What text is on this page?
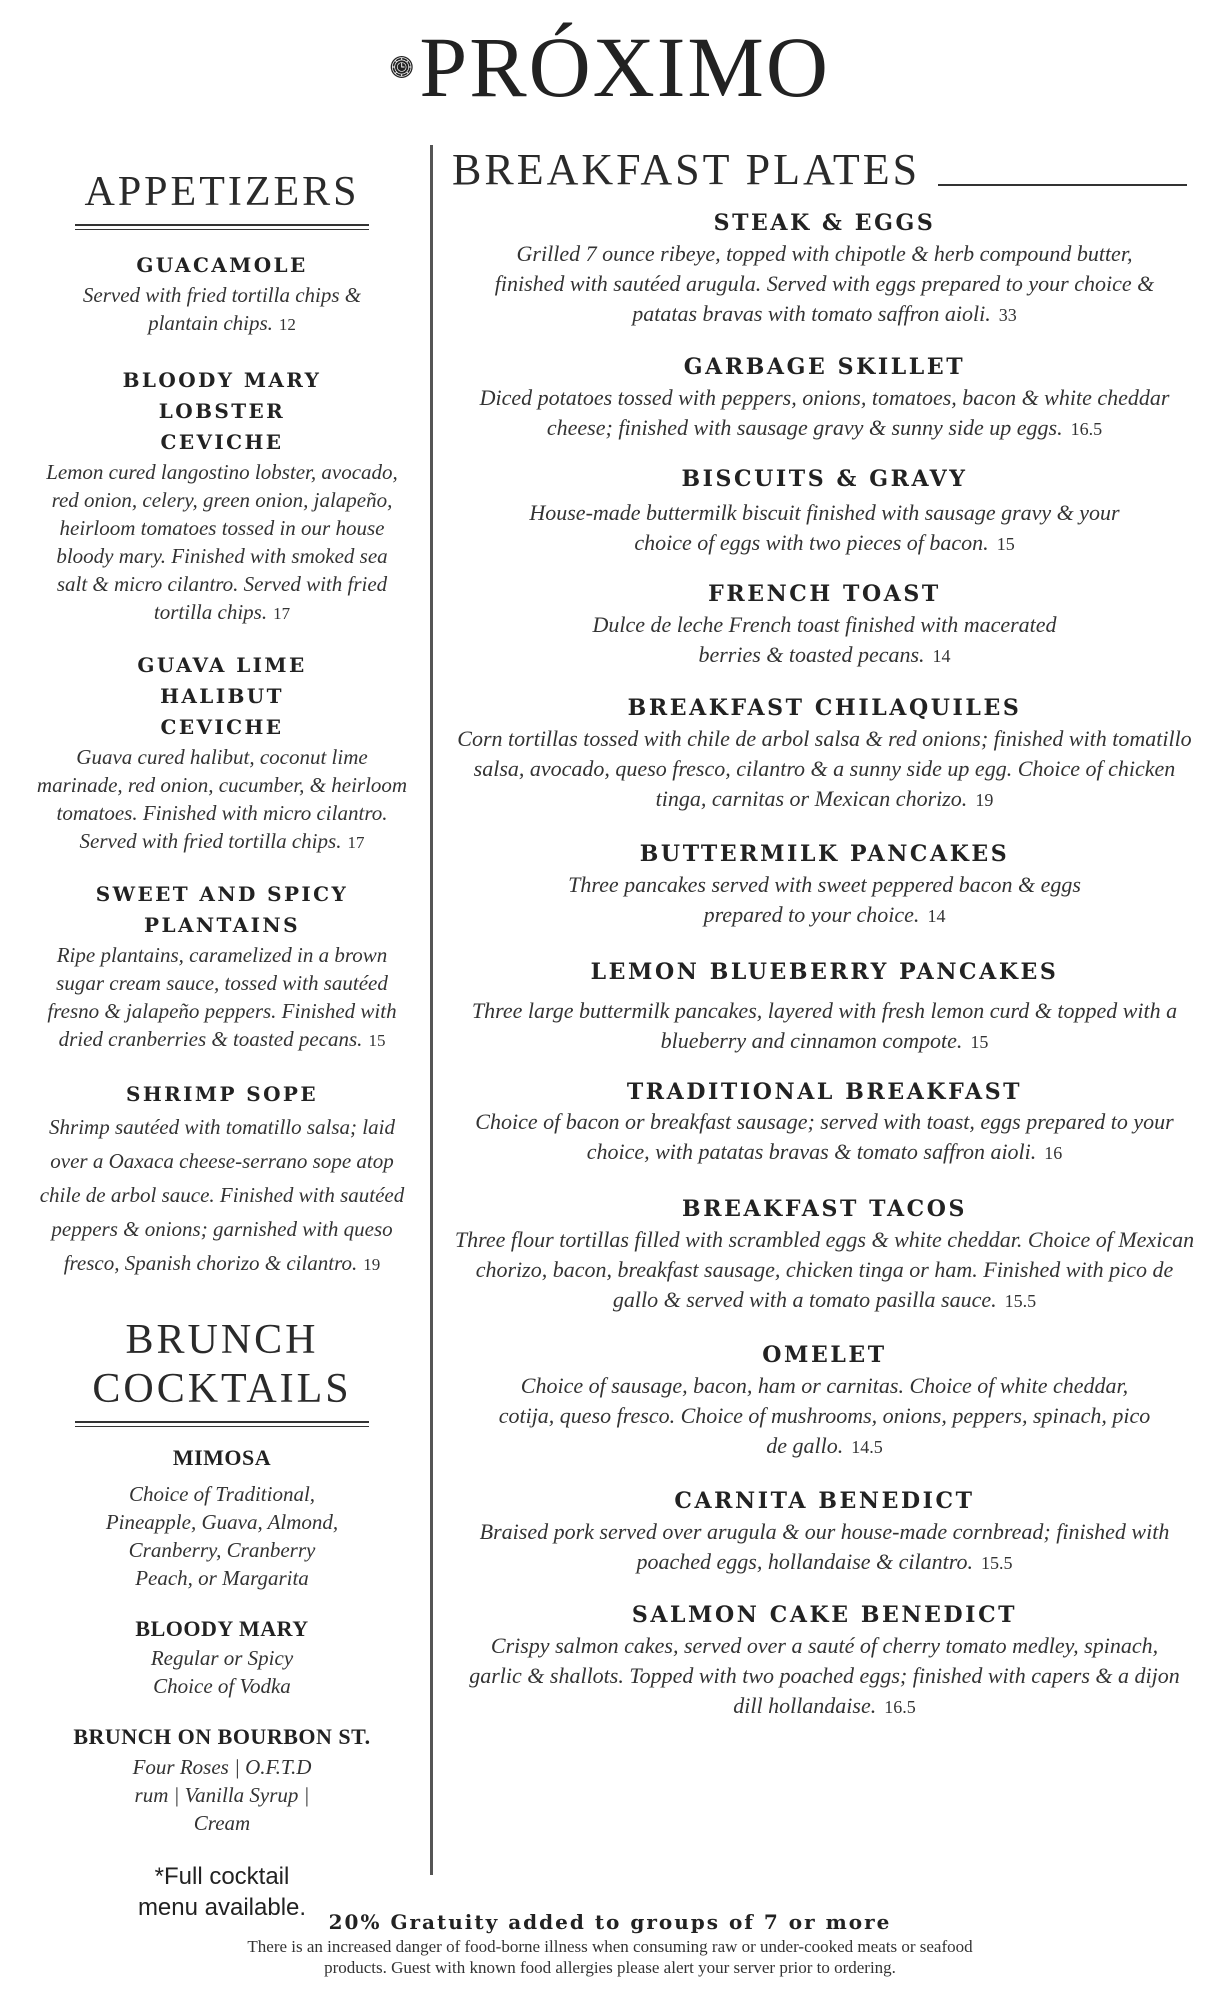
PRÓXIMO
APPETIZERS
GUACAMOLE
Served with fried tortilla chips & plantain chips. 12
BLOODY MARY LOBSTER CEVICHE
Lemon cured langostino lobster, avocado, red onion, celery, green onion, jalapeño, heirloom tomatoes tossed in our house bloody mary. Finished with smoked sea salt & micro cilantro. Served with fried tortilla chips. 17
GUAVA LIME HALIBUT CEVICHE
Guava cured halibut, coconut lime marinade, red onion, cucumber, & heirloom tomatoes. Finished with micro cilantro. Served with fried tortilla chips. 17
SWEET AND SPICY PLANTAINS
Ripe plantains, caramelized in a brown sugar cream sauce, tossed with sautéed fresno & jalapeño peppers. Finished with dried cranberries & toasted pecans. 15
SHRIMP SOPE
Shrimp sautéed with tomatillo salsa; laid over a Oaxaca cheese-serrano sope atop chile de arbol sauce. Finished with sautéed peppers & onions; garnished with queso fresco, Spanish chorizo & cilantro. 19
BRUNCH
COCKTAILS
MIMOSA
Choice of Traditional, Pineapple, Guava, Almond, Cranberry, Cranberry Peach, or Margarita
BLOODY MARY
Regular or Spicy Choice of Vodka
BRUNCH ON BOURBON ST.
Four Roses | O.F.T.D rum | Vanilla Syrup | Cream
*Full cocktail menu available.
BREAKFAST PLATES
STEAK & EGGS
Grilled 7 ounce ribeye, topped with chipotle & herb compound butter, finished with sautéed arugula. Served with eggs prepared to your choice & patatas bravas with tomato saffron aioli. 33
GARBAGE SKILLET
Diced potatoes tossed with peppers, onions, tomatoes, bacon & white cheddar cheese; finished with sausage gravy & sunny side up eggs. 16.5
BISCUITS & GRAVY
House-made buttermilk biscuit finished with sausage gravy & your choice of eggs with two pieces of bacon. 15
FRENCH TOAST
Dulce de leche French toast finished with macerated berries & toasted pecans. 14
BREAKFAST CHILAQUILES
Corn tortillas tossed with chile de arbol salsa & red onions; finished with tomatillo salsa, avocado, queso fresco, cilantro & a sunny side up egg. Choice of chicken tinga, carnitas or Mexican chorizo. 19
BUTTERMILK PANCAKES
Three pancakes served with sweet peppered bacon & eggs prepared to your choice. 14
LEMON BLUEBERRY PANCAKES
Three large buttermilk pancakes, layered with fresh lemon curd & topped with a blueberry and cinnamon compote. 15
TRADITIONAL BREAKFAST
Choice of bacon or breakfast sausage; served with toast, eggs prepared to your choice, with patatas bravas & tomato saffron aioli. 16
BREAKFAST TACOS
Three flour tortillas filled with scrambled eggs & white cheddar. Choice of Mexican chorizo, bacon, breakfast sausage, chicken tinga or ham. Finished with pico de gallo & served with a tomato pasilla sauce. 15.5
OMELET
Choice of sausage, bacon, ham or carnitas. Choice of white cheddar, cotija, queso fresco. Choice of mushrooms, onions, peppers, spinach, pico de gallo. 14.5
CARNITA BENEDICT
Braised pork served over arugula & our house-made cornbread; finished with poached eggs, hollandaise & cilantro. 15.5
SALMON CAKE BENEDICT
Crispy salmon cakes, served over a sauté of cherry tomato medley, spinach, garlic & shallots. Topped with two poached eggs; finished with capers & a dijon dill hollandaise. 16.5
20% Gratuity added to groups of 7 or more
There is an increased danger of food-borne illness when consuming raw or under-cooked meats or seafood products. Guest with known food allergies please alert your server prior to ordering.
